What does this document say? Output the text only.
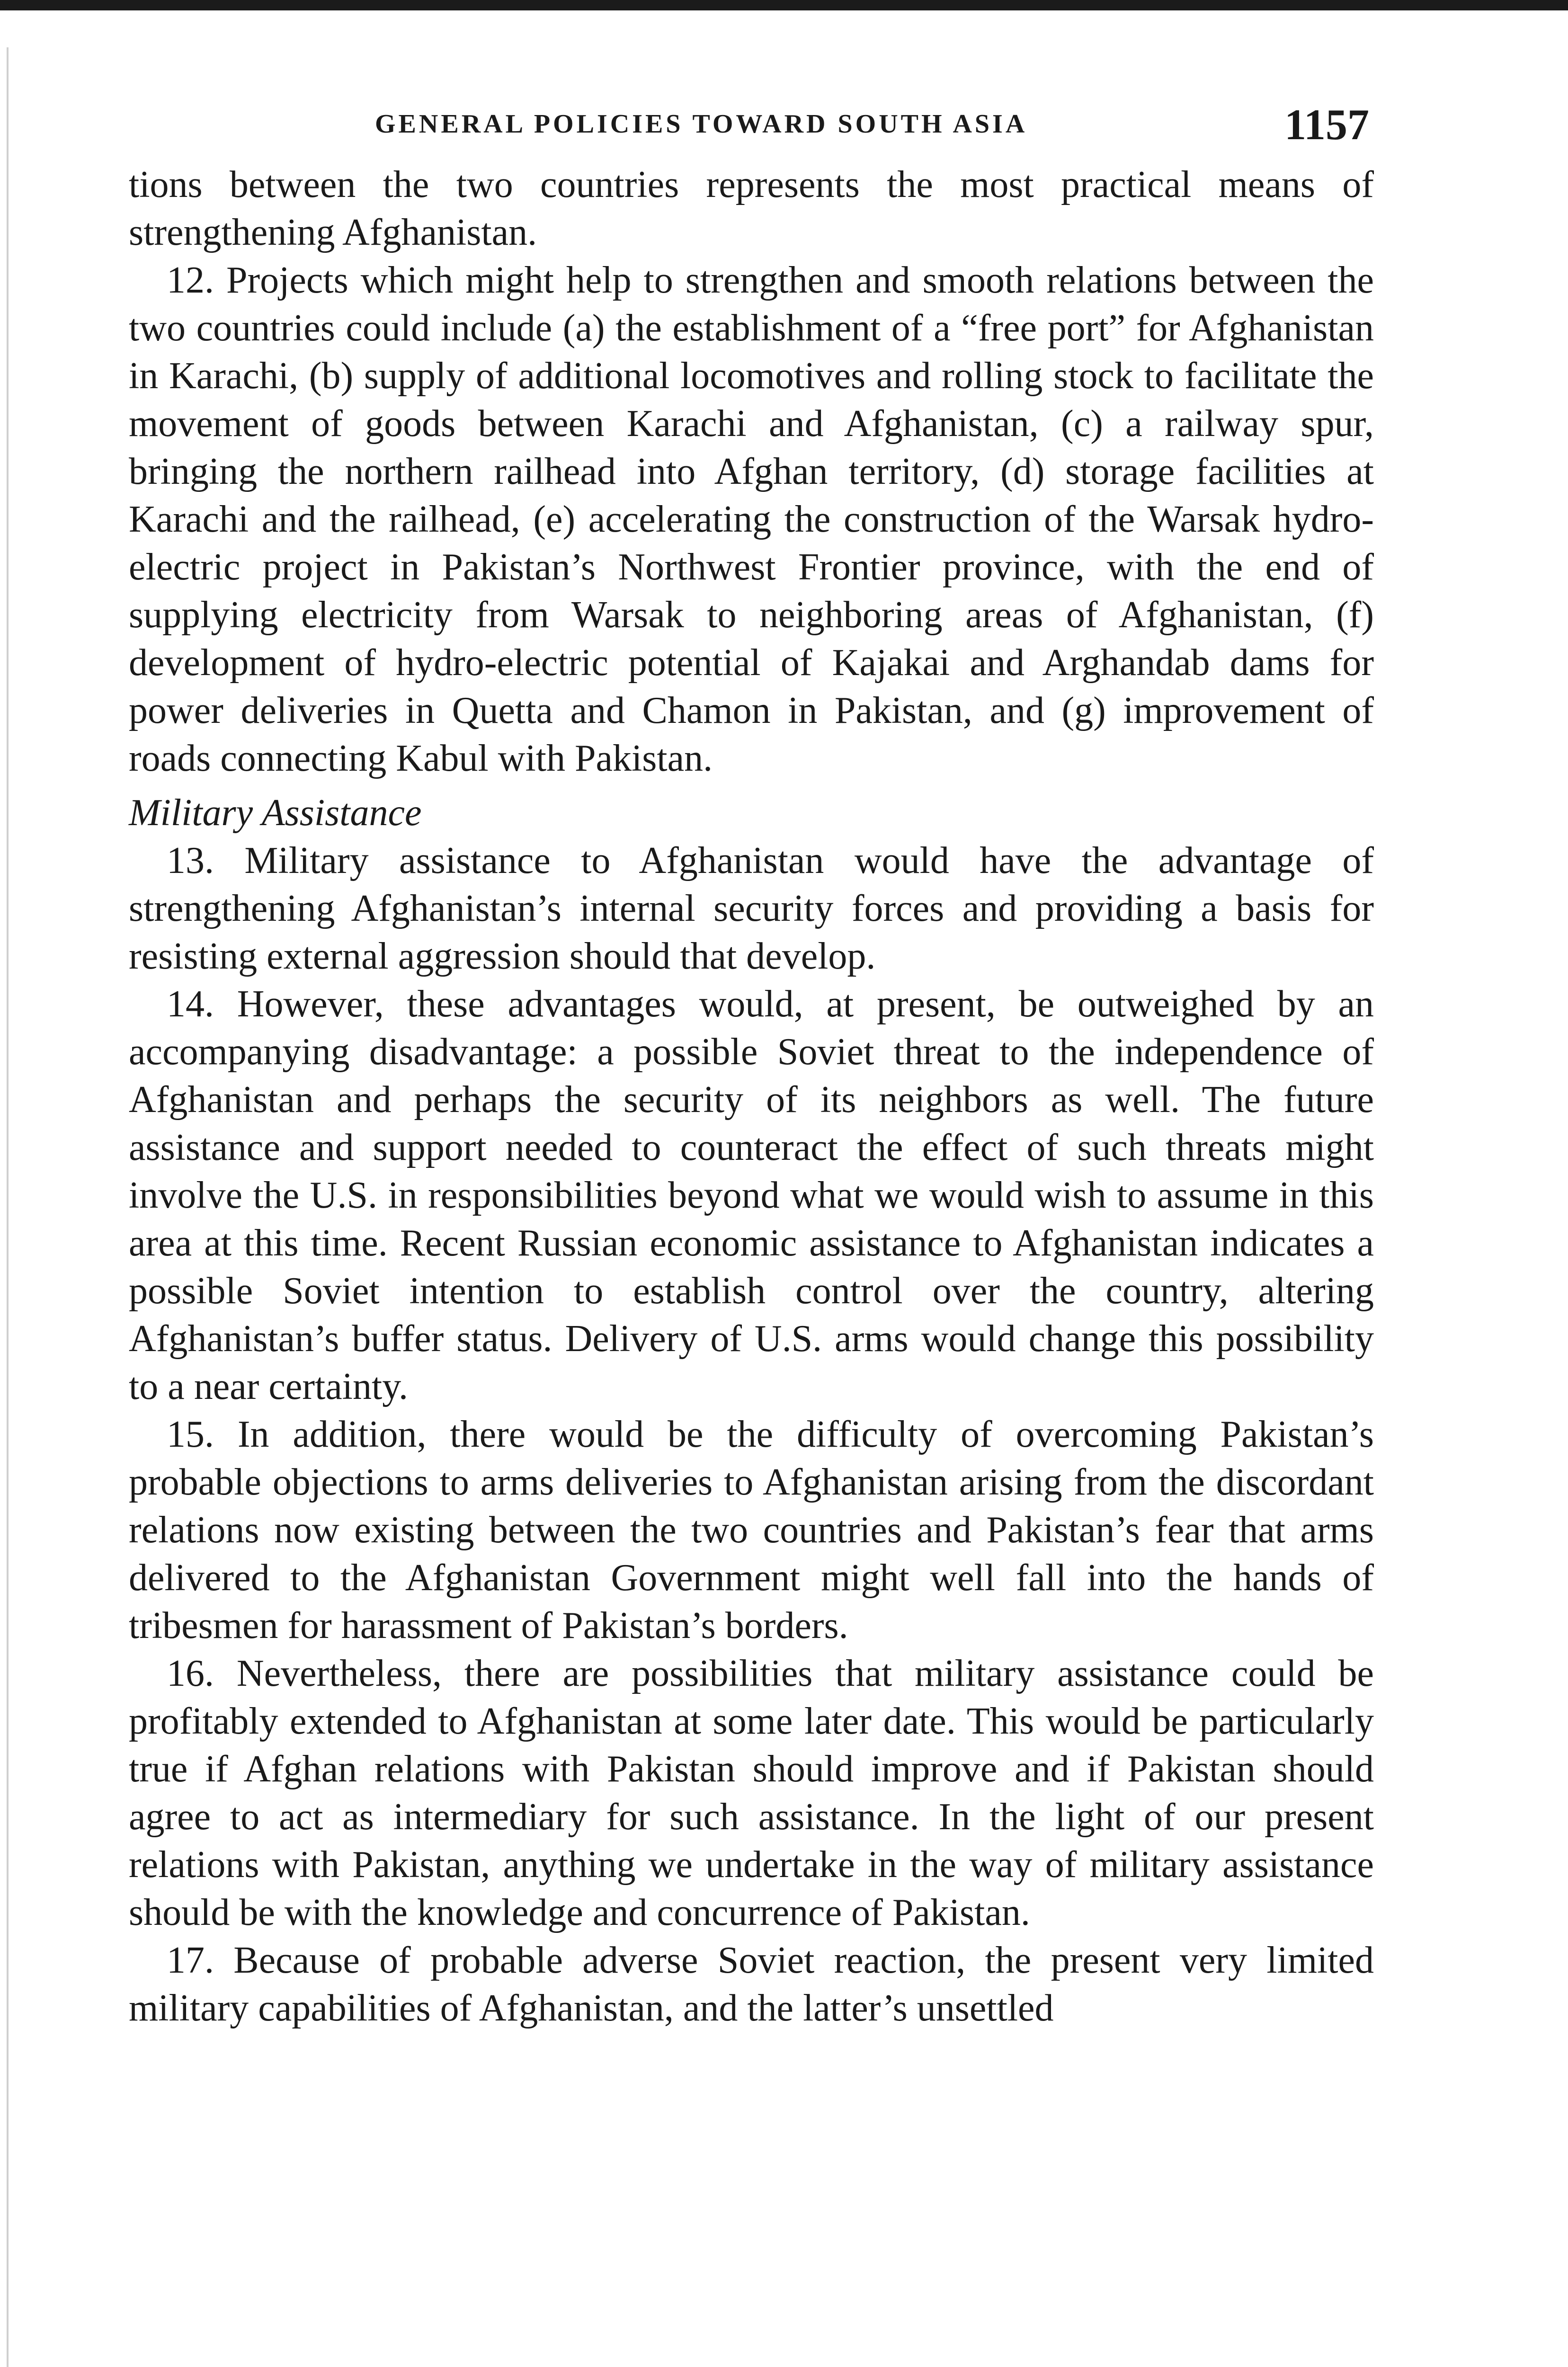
GENERAL POLICIES TOWARD SOUTH ASIA	1157

tions between the two countries represents the most practical means of strengthening Afghanistan.

12. Projects which might help to strengthen and smooth relations between the two countries could include (a) the establishment of a “free port” for Afghanistan in Karachi, (b) supply of additional locomotives and rolling stock to facilitate the movement of goods between Karachi and Afghanistan, (c) a railway spur, bringing the northern railhead into Afghan territory, (d) storage facilities at Karachi and the railhead, (e) accelerating the construction of the Warsak hydro-electric project in Pakistan’s Northwest Frontier province, with the end of supplying electricity from Warsak to neighboring areas of Afghanistan, (f) development of hydro-electric potential of Kajakai and Arghandab dams for power deliveries in Quetta and Chamon in Pakistan, and (g) improvement of roads connecting Kabul with Pakistan.

Military Assistance

13. Military assistance to Afghanistan would have the advantage of strengthening Afghanistan’s internal security forces and providing a basis for resisting external aggression should that develop.

14. However, these advantages would, at present, be outweighed by an accompanying disadvantage: a possible Soviet threat to the independence of Afghanistan and perhaps the security of its neighbors as well. The future assistance and support needed to counteract the effect of such threats might involve the U.S. in responsibilities beyond what we would wish to assume in this area at this time. Recent Russian economic assistance to Afghanistan indicates a possible Soviet intention to establish control over the country, altering Afghanistan’s buffer status. Delivery of U.S. arms would change this possibility to a near certainty.

15. In addition, there would be the difficulty of overcoming Pakistan’s probable objections to arms deliveries to Afghanistan arising from the discordant relations now existing between the two countries and Pakistan’s fear that arms delivered to the Afghanistan Government might well fall into the hands of tribesmen for harassment of Pakistan’s borders.

16. Nevertheless, there are possibilities that military assistance could be profitably extended to Afghanistan at some later date. This would be particularly true if Afghan relations with Pakistan should improve and if Pakistan should agree to act as intermediary for such assistance. In the light of our present relations with Pakistan, anything we undertake in the way of military assistance should be with the knowledge and concurrence of Pakistan.

17. Because of probable adverse Soviet reaction, the present very limited military capabilities of Afghanistan, and the latter’s unsettled
